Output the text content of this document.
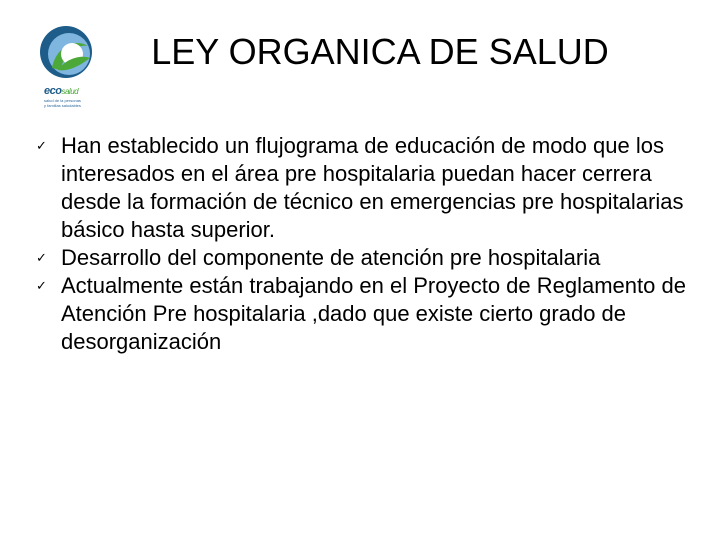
ecosalud
salud de la personas
y familias saludables
LEY ORGANICA DE SALUD
✓ Han establecido un flujograma de educación de modo que los interesados en el área pre hospitalaria puedan hacer cerrera desde la formación de técnico en emergencias pre hospitalarias básico hasta superior.
✓ Desarrollo del componente de atención pre hospitalaria
✓ Actualmente están trabajando en el Proyecto de Reglamento de Atención Pre hospitalaria ,dado que existe cierto grado de desorganización
